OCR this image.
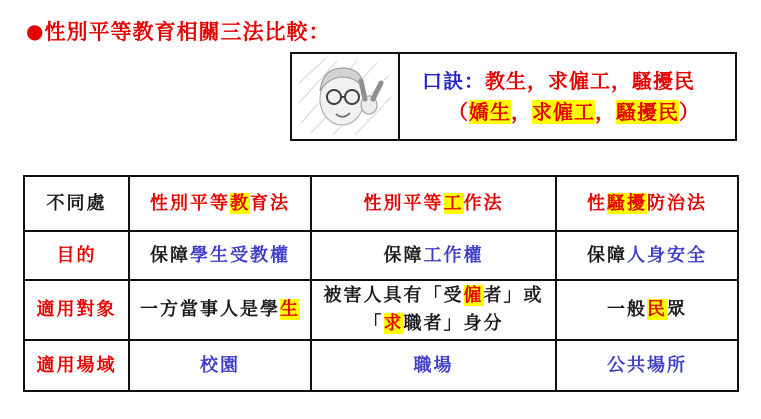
●性別平等教育相關三法比較：
口訣：教生，求僱工，騷擾民
（嬌生，求僱工，騷擾民）
不同處	性別平等教育法	性別平等工作法	性騷擾防治法
目的	保障學生受教權	保障工作權	保障人身安全
適用對象	一方當事人是學生	被害人具有「受僱者」或
「求職者」身分	一般民眾
適用場域	校園	職場	公共場所
